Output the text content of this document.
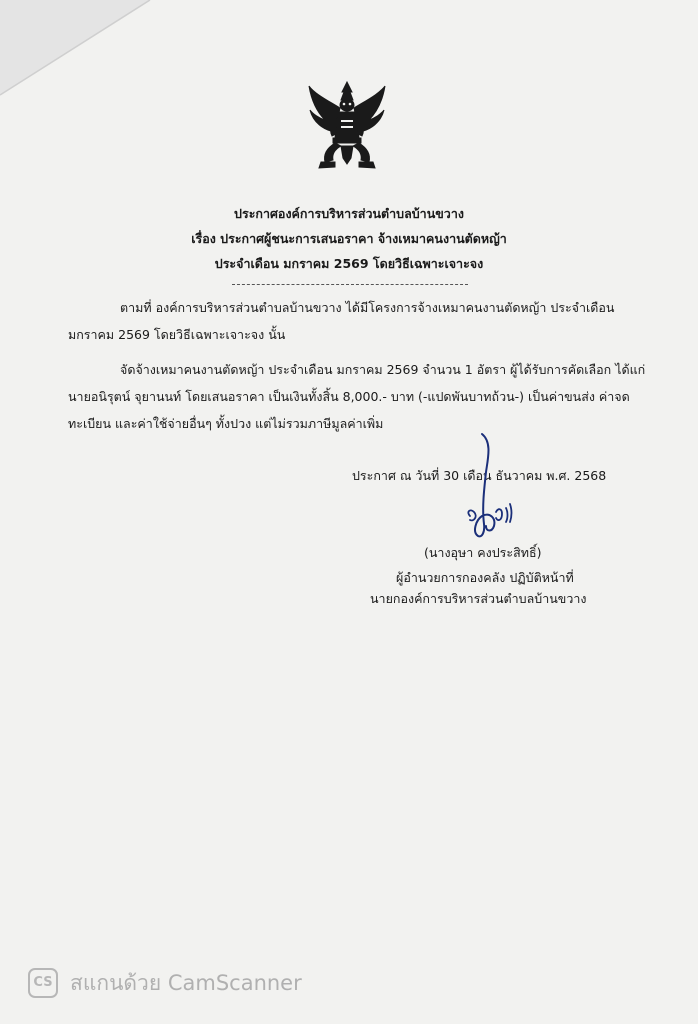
ประกาศองค์การบริหารส่วนตำบลบ้านขวาง
เรื่อง ประกาศผู้ชนะการเสนอราคา จ้างเหมาคนงานตัดหญ้า
ประจำเดือน มกราคม 2569 โดยวิธีเฉพาะเจาะจง
ตามที่ องค์การบริหารส่วนตำบลบ้านขวาง ได้มีโครงการจ้างเหมาคนงานตัดหญ้า ประจำเดือน
มกราคม 2569 โดยวิธีเฉพาะเจาะจง นั้น
จัดจ้างเหมาคนงานตัดหญ้า ประจำเดือน มกราคม 2569 จำนวน 1 อัตรา ผู้ได้รับการคัดเลือก ได้แก่
นายอนิรุตน์ จุยานนท์ โดยเสนอราคา เป็นเงินทั้งสิ้น 8,000.- บาท (-แปดพันบาทถ้วน-) เป็นค่าขนส่ง ค่าจด
ทะเบียน และค่าใช้จ่ายอื่นๆ ทั้งปวง แต่ไม่รวมภาษีมูลค่าเพิ่ม
ประกาศ ณ วันที่ 30 เดือน ธันวาคม พ.ศ. 2568
(นางอุษา คงประสิทธิ์)
ผู้อำนวยการกองคลัง ปฏิบัติหน้าที่
นายกองค์การบริหารส่วนตำบลบ้านขวาง
CS สแกนด้วย CamScanner
